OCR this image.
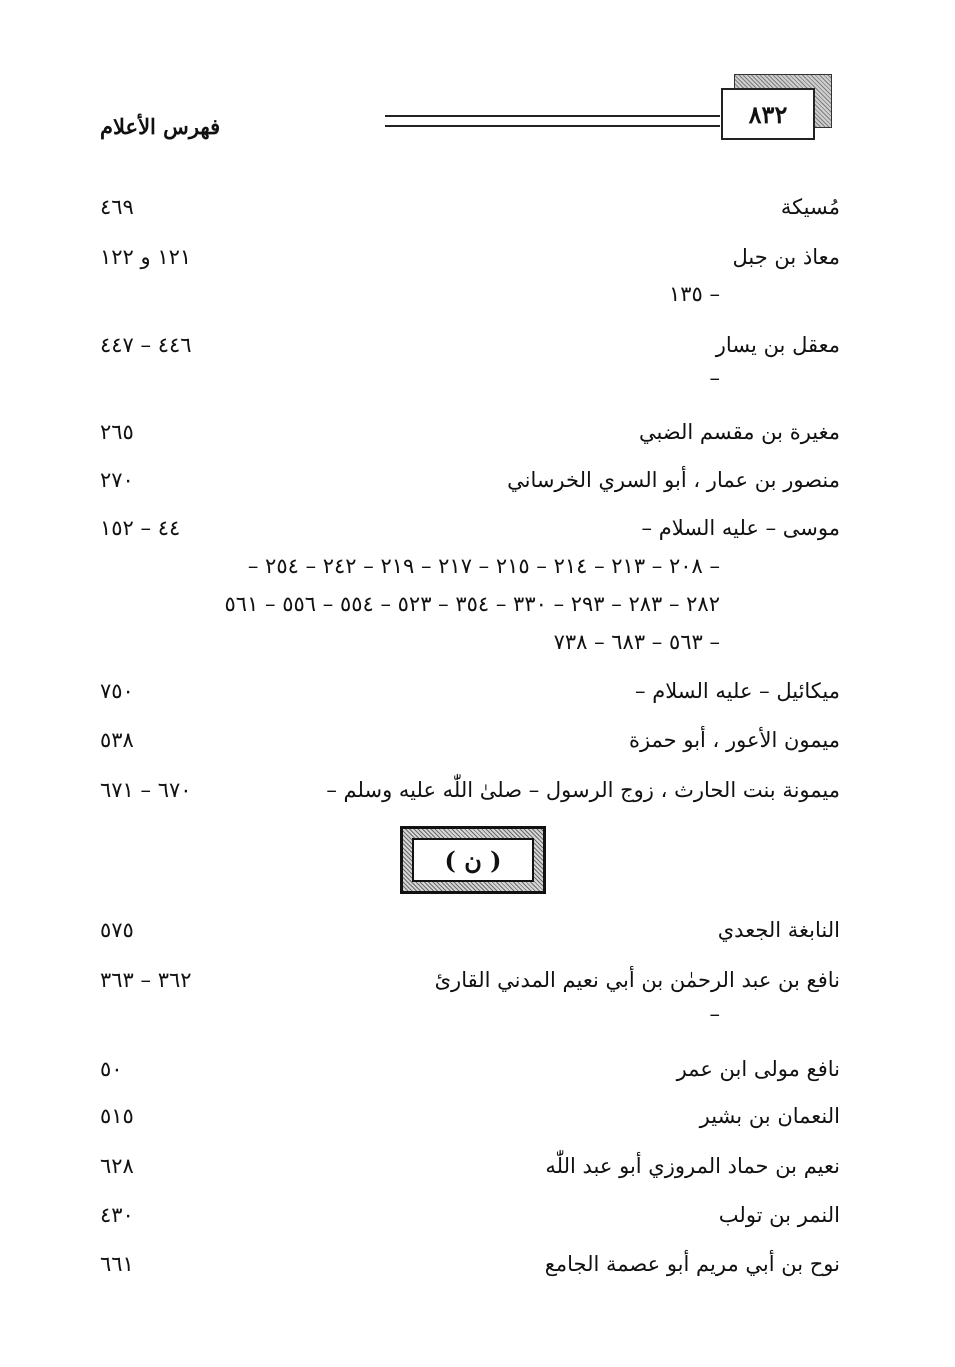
٨٣٢
فهرس الأعلام
مُسيكة
٤٦٩
معاذ بن جبل
١٢١ و ١٢٢
– ١٣٥
معقل بن يسار
٤٤٦ – ٤٤٧
–
مغيرة بن مقسم الضبي
٢٦٥
منصور بن عمار ، أبو السري الخرساني
٢٧٠
موسى – عليه السلام –
٤٤ – ١٥٢
– ٢٠٨ – ٢١٣ – ٢١٤ – ٢١٥ – ٢١٧ – ٢١٩ – ٢٤٢ – ٢٥٤ –
٢٨٢ – ٢٨٣ – ٢٩٣ – ٣٣٠ – ٣٥٤ – ٥٢٣ – ٥٥٤ – ٥٥٦ – ٥٦١
– ٥٦٣ – ٦٨٣ – ٧٣٨
ميكائيل – عليه السلام –
٧٥٠
ميمون الأعور ، أبو حمزة
٥٣٨
ميمونة بنت الحارث ، زوج الرسول – صلىٰ اللّٰه عليه وسلم –
٦٧٠ – ٦٧١
( ن )
النابغة الجعدي
٥٧٥
نافع بن عبد الرحمٰن بن أبي نعيم المدني القارئ
٣٦٢ – ٣٦٣
–
نافع مولى ابن عمر
٥٠
النعمان بن بشير
٥١٥
نعيم بن حماد المروزي أبو عبد اللّٰه
٦٢٨
النمر بن تولب
٤٣٠
نوح بن أبي مريم أبو عصمة الجامع
٦٦١
